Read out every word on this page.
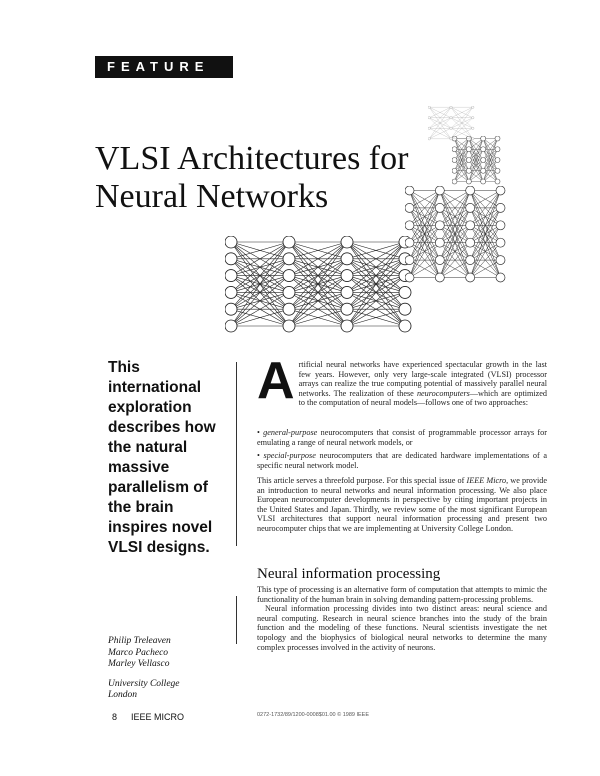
FEATURE
VLSI Architectures for
Neural Networks
This
international
exploration
describes how
the natural
massive
parallelism of
the brain
inspires novel
VLSI designs.
Philip Treleaven
Marco Pacheco
Marley Vellasco
University College
London
Artificial neural networks have experienced spectacular growth in the last few years. However, only very large-scale integrated (VLSI) processor arrays can realize the true computing potential of massively parallel neural networks. The realization of these neurocomputers—which are optimized to the computation of neural models—follows one of two approaches:

• general-purpose neurocomputers that consist of programmable processor arrays for emulating a range of neural network models, or

• special-purpose neurocomputers that are dedicated hardware implementations of a specific neural network model.

This article serves a threefold purpose. For this special issue of IEEE Micro, we provide an introduction to neural networks and neural information processing. We also place European neurocomputer developments in perspective by citing important projects in the United States and Japan. Thirdly, we review some of the most significant European VLSI architectures that support neural information processing and present two neurocomputer chips that we are implementing at University College London.
Neural information processing

This type of processing is an alternative form of computation that attempts to mimic the functionality of the human brain in solving demanding pattern-processing problems.

Neural information processing divides into two distinct areas: neural science and neural computing. Research in neural science branches into the study of the brain function and the modeling of these functions. Neural scientists investigate the net topology and the biophysics of biological neural networks to determine the many complex processes involved in the activity of neurons.

8 IEEE MICRO	0272-1732/89/1200-0008$01.00 © 1989 IEEE
